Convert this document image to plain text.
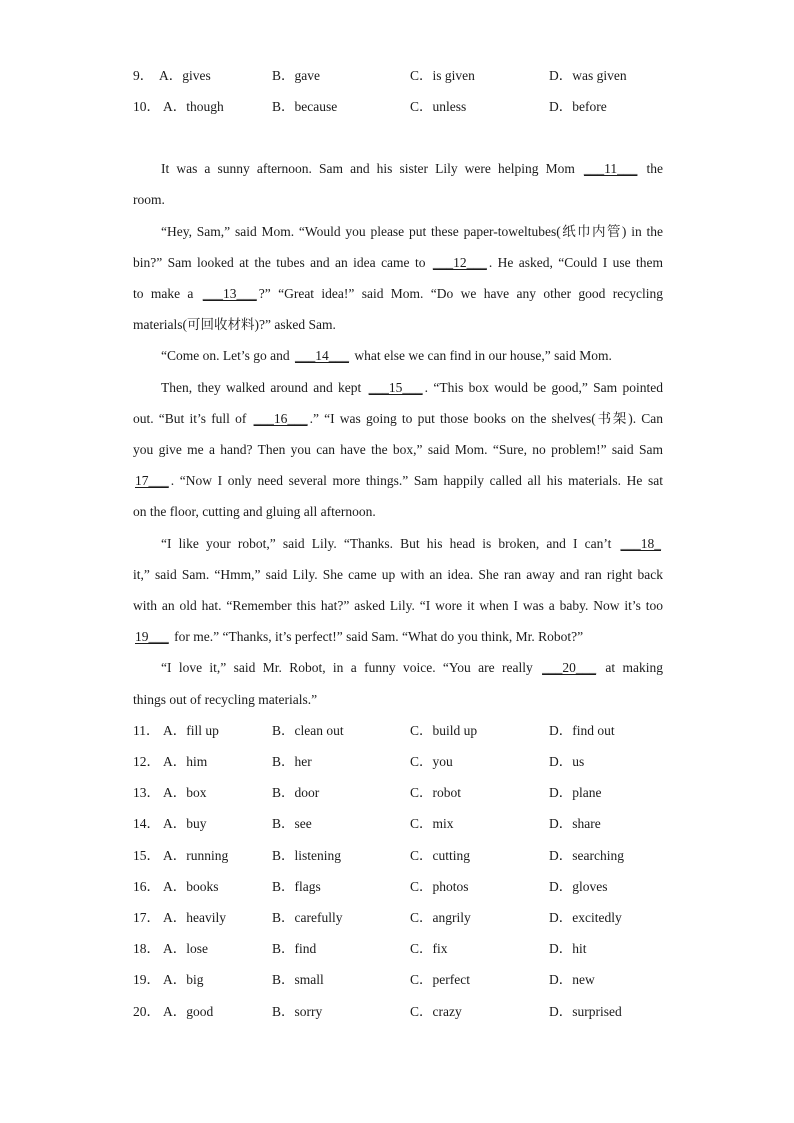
9． A．gives	B．gave	C．is given	D．was given
10． A．though	B．because	C．unless	D．before
It was a sunny afternoon. Sam and his sister Lily were helping Mom ___11___ the
room.
“Hey, Sam,” said Mom. “Would you please put these paper-toweltubes(纸巾内管) in the
bin?” Sam looked at the tubes and an idea came to ___12___ . He asked, “Could I use them
to make a ___13___ ?” “Great idea!” said Mom. “Do we have any other good recycling
materials(可回收材料)?” asked Sam.
“Come on. Let’s go and ___14___ what else we can find in our house,” said Mom.
Then, they walked around and kept ___15___ . “This box would be good,” Sam pointed
out. “But it’s full of ___16___ .” “I was going to put those books on the shelves(书架). Can
you give me a hand? Then you can have the box,” said Mom. “Sure, no problem!” said Sam
17___ . “Now I only need several more things.” Sam happily called all his materials. He sat
on the floor, cutting and gluing all afternoon.
“I like your robot,” said Lily. “Thanks. But his head is broken, and I can’t ___18_
it,” said Sam. “Hmm,” said Lily. She came up with an idea. She ran away and ran right back
with an old hat. “Remember this hat?” asked Lily. “I wore it when I was a baby. Now it’s too
19___ for me.” “Thanks, it’s perfect!” said Sam. “What do you think, Mr. Robot?”
“I love it,” said Mr. Robot, in a funny voice. “You are really ___20___ at making
things out of recycling materials.”
11． A．fill up	B．clean out	C．build up	D．find out
12． A．him	B．her	C．you	D．us
13． A．box	B．door	C．robot	D．plane
14． A．buy	B．see	C．mix	D．share
15． A．running	B．listening	C．cutting	D．searching
16． A．books	B．flags	C．photos	D．gloves
17． A．heavily	B．carefully	C．angrily	D．excitedly
18． A．lose	B．find	C．fix	D．hit
19． A．big	B．small	C．perfect	D．new
20． A．good	B．sorry	C．crazy	D．surprised
